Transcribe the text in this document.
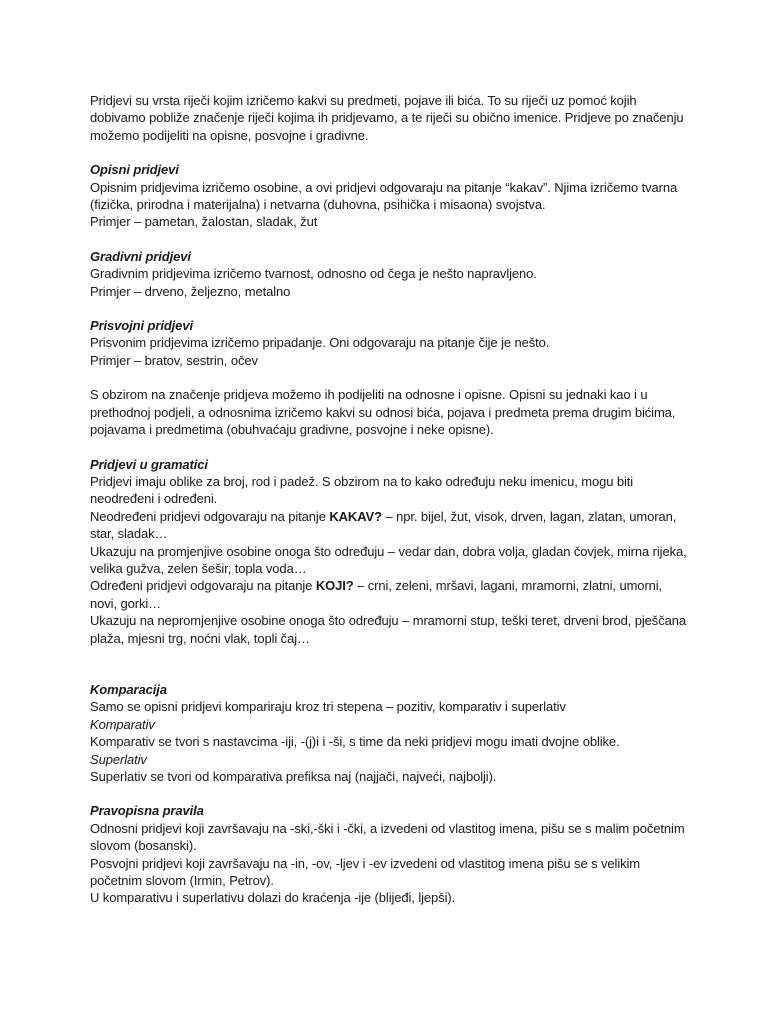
Pridjevi su vrsta riječi kojim izričemo kakvi su predmeti, pojave ili bića. To su riječi uz pomoć kojih dobivamo pobliže značenje riječi kojima ih pridjevamo, a te riječi su obično imenice. Pridjeve po značenju možemo podijeliti na opisne, posvojne i gradivne.

Opisni pridjevi

Opisnim pridjevima izričemo osobine, a ovi pridjevi odgovaraju na pitanje “kakav”. Njima izričemo tvarna (fizička, prirodna i materijalna) i netvarna (duhovna, psihička i misaona) svojstva.

Primjer – pametan, žalostan, sladak, žut

Gradivni pridjevi

Gradivnim pridjevima izričemo tvarnost, odnosno od čega je nešto napravljeno.

Primjer – drveno, željezno, metalno

Prisvojni pridjevi

Prisvonim pridjevima izričemo pripadanje. Oni odgovaraju na pitanje čije je nešto.

Primjer – bratov, sestrin, očev

S obzirom na značenje pridjeva možemo ih podijeliti na odnosne i opisne. Opisni su jednaki kao i u prethodnoj podjeli, a odnosnima izričemo kakvi su odnosi bića, pojava i predmeta prema drugim bićima, pojavama i predmetima (obuhvaćaju gradivne, posvojne i neke opisne).

Pridjevi u gramatici

Pridjevi imaju oblike za broj, rod i padež. S obzirom na to kako određuju neku imenicu, mogu biti neodređeni i određeni.

Neodređeni pridjevi odgovaraju na pitanje KAKAV? – npr. bijel, žut, visok, drven, lagan, zlatan, umoran, star, sladak…

Ukazuju na promjenjive osobine onoga što određuju – vedar dan, dobra volja, gladan čovjek, mirna rijeka, velika gužva, zelen šešir, topla voda…

Određeni pridjevi odgovaraju na pitanje KOJI? – crni, zeleni, mršavi, lagani, mramorni, zlatni, umorni, novi, gorki…

Ukazuju na nepromjenjive osobine onoga što određuju – mramorni stup, teški teret, drveni brod, pješčana plaža, mjesni trg, noćni vlak, topli čaj…

Komparacija

Samo se opisni pridjevi kompariraju kroz tri stepena – pozitiv, komparativ i superlativ

Komparativ

Komparativ se tvori s nastavcima -iji, -(j)i i -ši, s time da neki pridjevi mogu imati dvojne oblike.

Superlativ

Superlativ se tvori od komparativa prefiksa naj (najjači, najveći, najbolji).

Pravopisna pravila

Odnosni pridjevi koji završavaju na -ski,-ški i -čki, a izvedeni od vlastitog imena, pišu se s malim početnim slovom (bosanski).

Posvojni pridjevi koji završavaju na -in, -ov, -ljev i -ev izvedeni od vlastitog imena pišu se s velikim početnim slovom (Irmin, Petrov).

U komparativu i superlativu dolazi do kraćenja -ije (blijeđi, ljepši).
